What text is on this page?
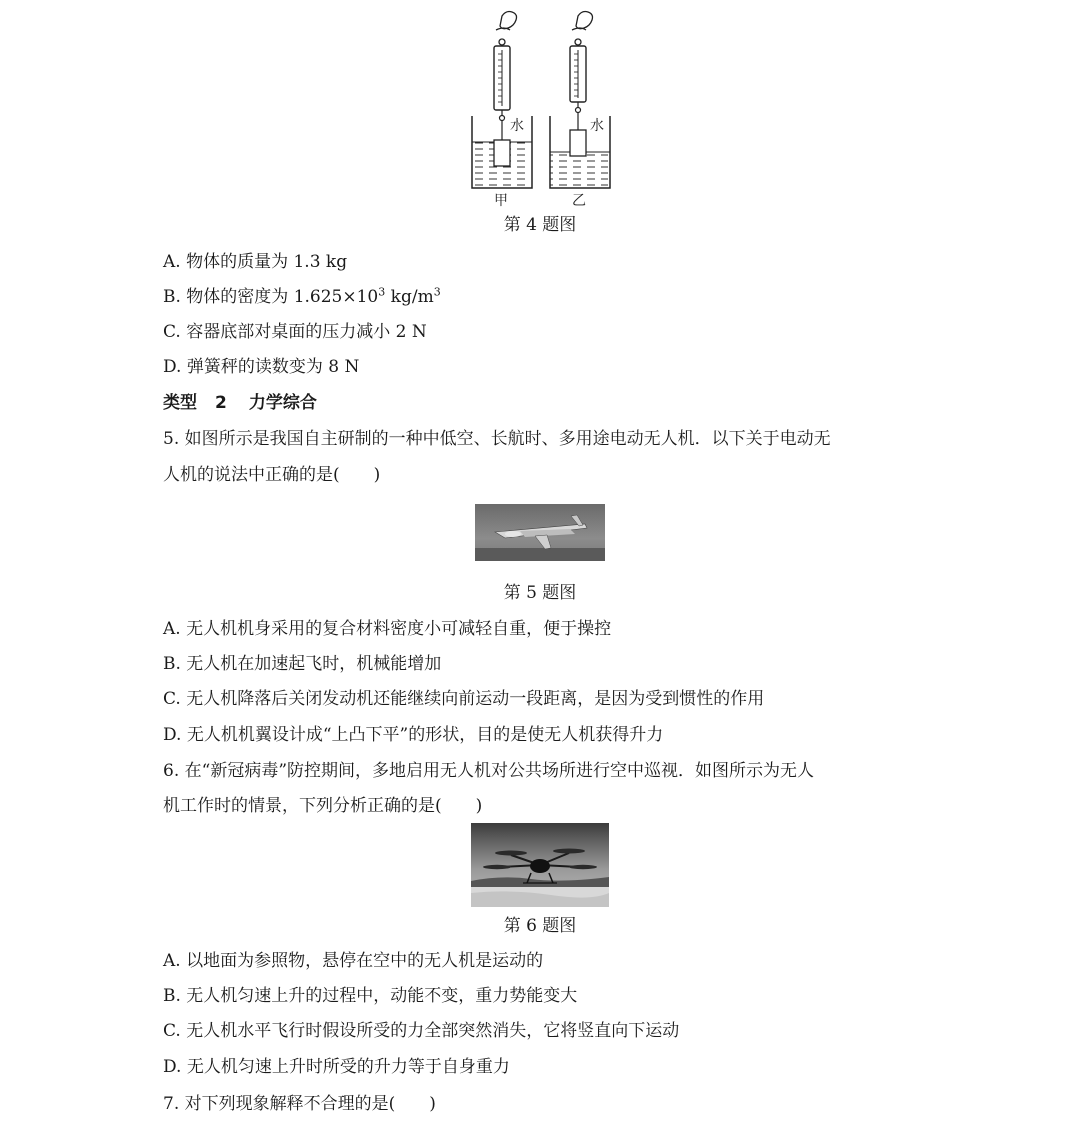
水
甲
水
乙
第 4 题图
A. 物体的质量为 1.3 kg
B. 物体的密度为 $1.625\times 10^3$ $kg/m^3$
C. 容器底部对桌面的压力减小 2 N
D. 弹簧秤的读数变为 8 N
类型 2 力学综合
5. 如图所示是我国自主研制的一种中低空、长航时、多用途电动无人机．以下关于电动无
人机的说法中正确的是(　　)
第 5 题图
A. 无人机机身采用的复合材料密度小可减轻自重，便于操控
B. 无人机在加速起飞时，机械能增加
C. 无人机降落后关闭发动机还能继续向前运动一段距离，是因为受到惯性的作用
D. 无人机机翼设计成“上凸下平”的形状，目的是使无人机获得升力
6. 在“新冠病毒”防控期间，多地启用无人机对公共场所进行空中巡视．如图所示为无人
机工作时的情景，下列分析正确的是(　　)
第 6 题图
A. 以地面为参照物，悬停在空中的无人机是运动的
B. 无人机匀速上升的过程中，动能不变，重力势能变大
C. 无人机水平飞行时假设所受的力全部突然消失，它将竖直向下运动
D. 无人机匀速上升时所受的升力等于自身重力
7. 对下列现象解释不合理的是(　　)
